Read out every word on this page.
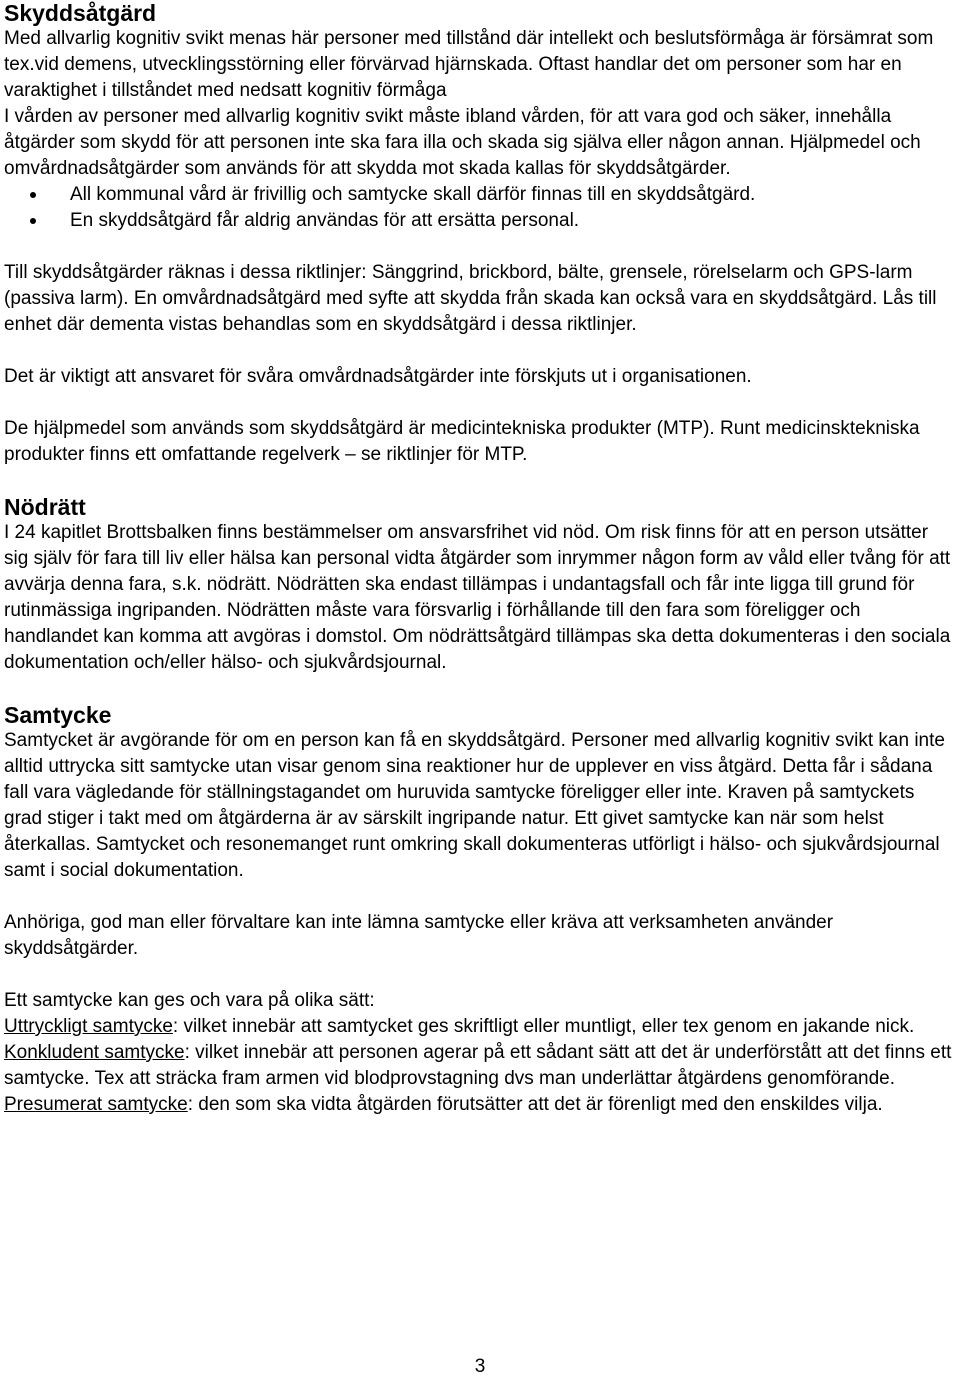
Skyddsåtgärd

Med allvarlig kognitiv svikt menas här personer med tillstånd där intellekt och beslutsförmåga är försämrat som tex.vid demens, utvecklingsstörning eller förvärvad hjärnskada. Oftast handlar det om personer som har en varaktighet i tillståndet med nedsatt kognitiv förmåga

I vården av personer med allvarlig kognitiv svikt måste ibland vården, för att vara god och säker, innehålla åtgärder som skydd för att personen inte ska fara illa och skada sig själva eller någon annan. Hjälpmedel och omvårdnadsåtgärder som används för att skydda mot skada kallas för skyddsåtgärder.

All kommunal vård är frivillig och samtycke skall därför finnas till en skyddsåtgärd.
En skyddsåtgärd får aldrig användas för att ersätta personal.

Till skyddsåtgärder räknas i dessa riktlinjer: Sänggrind, brickbord, bälte, grensele, rörelselarm och GPS-larm (passiva larm). En omvårdnadsåtgärd med syfte att skydda från skada kan också vara en skyddsåtgärd. Lås till enhet där dementa vistas behandlas som en skyddsåtgärd i dessa riktlinjer.

Det är viktigt att ansvaret för svåra omvårdnadsåtgärder inte förskjuts ut i organisationen.

De hjälpmedel som används som skyddsåtgärd är medicintekniska produkter (MTP). Runt medicinsktekniska produkter finns ett omfattande regelverk – se riktlinjer för MTP.

Nödrätt

I 24 kapitlet Brottsbalken finns bestämmelser om ansvarsfrihet vid nöd. Om risk finns för att en person utsätter sig själv för fara till liv eller hälsa kan personal vidta åtgärder som inrymmer någon form av våld eller tvång för att avvärja denna fara, s.k. nödrätt. Nödrätten ska endast tillämpas i undantagsfall och får inte ligga till grund för rutinmässiga ingripanden. Nödrätten måste vara försvarlig i förhållande till den fara som föreligger och handlandet kan komma att avgöras i domstol. Om nödrättsåtgärd tillämpas ska detta dokumenteras i den sociala dokumentation och/eller hälso- och sjukvårdsjournal.

Samtycke

Samtycket är avgörande för om en person kan få en skyddsåtgärd. Personer med allvarlig kognitiv svikt kan inte alltid uttrycka sitt samtycke utan visar genom sina reaktioner hur de upplever en viss åtgärd. Detta får i sådana fall vara vägledande för ställningstagandet om huruvida samtycke föreligger eller inte. Kraven på samtyckets grad stiger i takt med om åtgärderna är av särskilt ingripande natur. Ett givet samtycke kan när som helst återkallas. Samtycket och resonemanget runt omkring skall dokumenteras utförligt i hälso- och sjukvårdsjournal samt i social dokumentation.

Anhöriga, god man eller förvaltare kan inte lämna samtycke eller kräva att verksamheten använder skyddsåtgärder.

Ett samtycke kan ges och vara på olika sätt:

Uttryckligt samtycke: vilket innebär att samtycket ges skriftligt eller muntligt, eller tex genom en jakande nick.

Konkludent samtycke: vilket innebär att personen agerar på ett sådant sätt att det är underförstått att det finns ett samtycke. Tex att sträcka fram armen vid blodprovstagning dvs man underlättar åtgärdens genomförande.

Presumerat samtycke: den som ska vidta åtgärden förutsätter att det är förenligt med den enskildes vilja.

3
